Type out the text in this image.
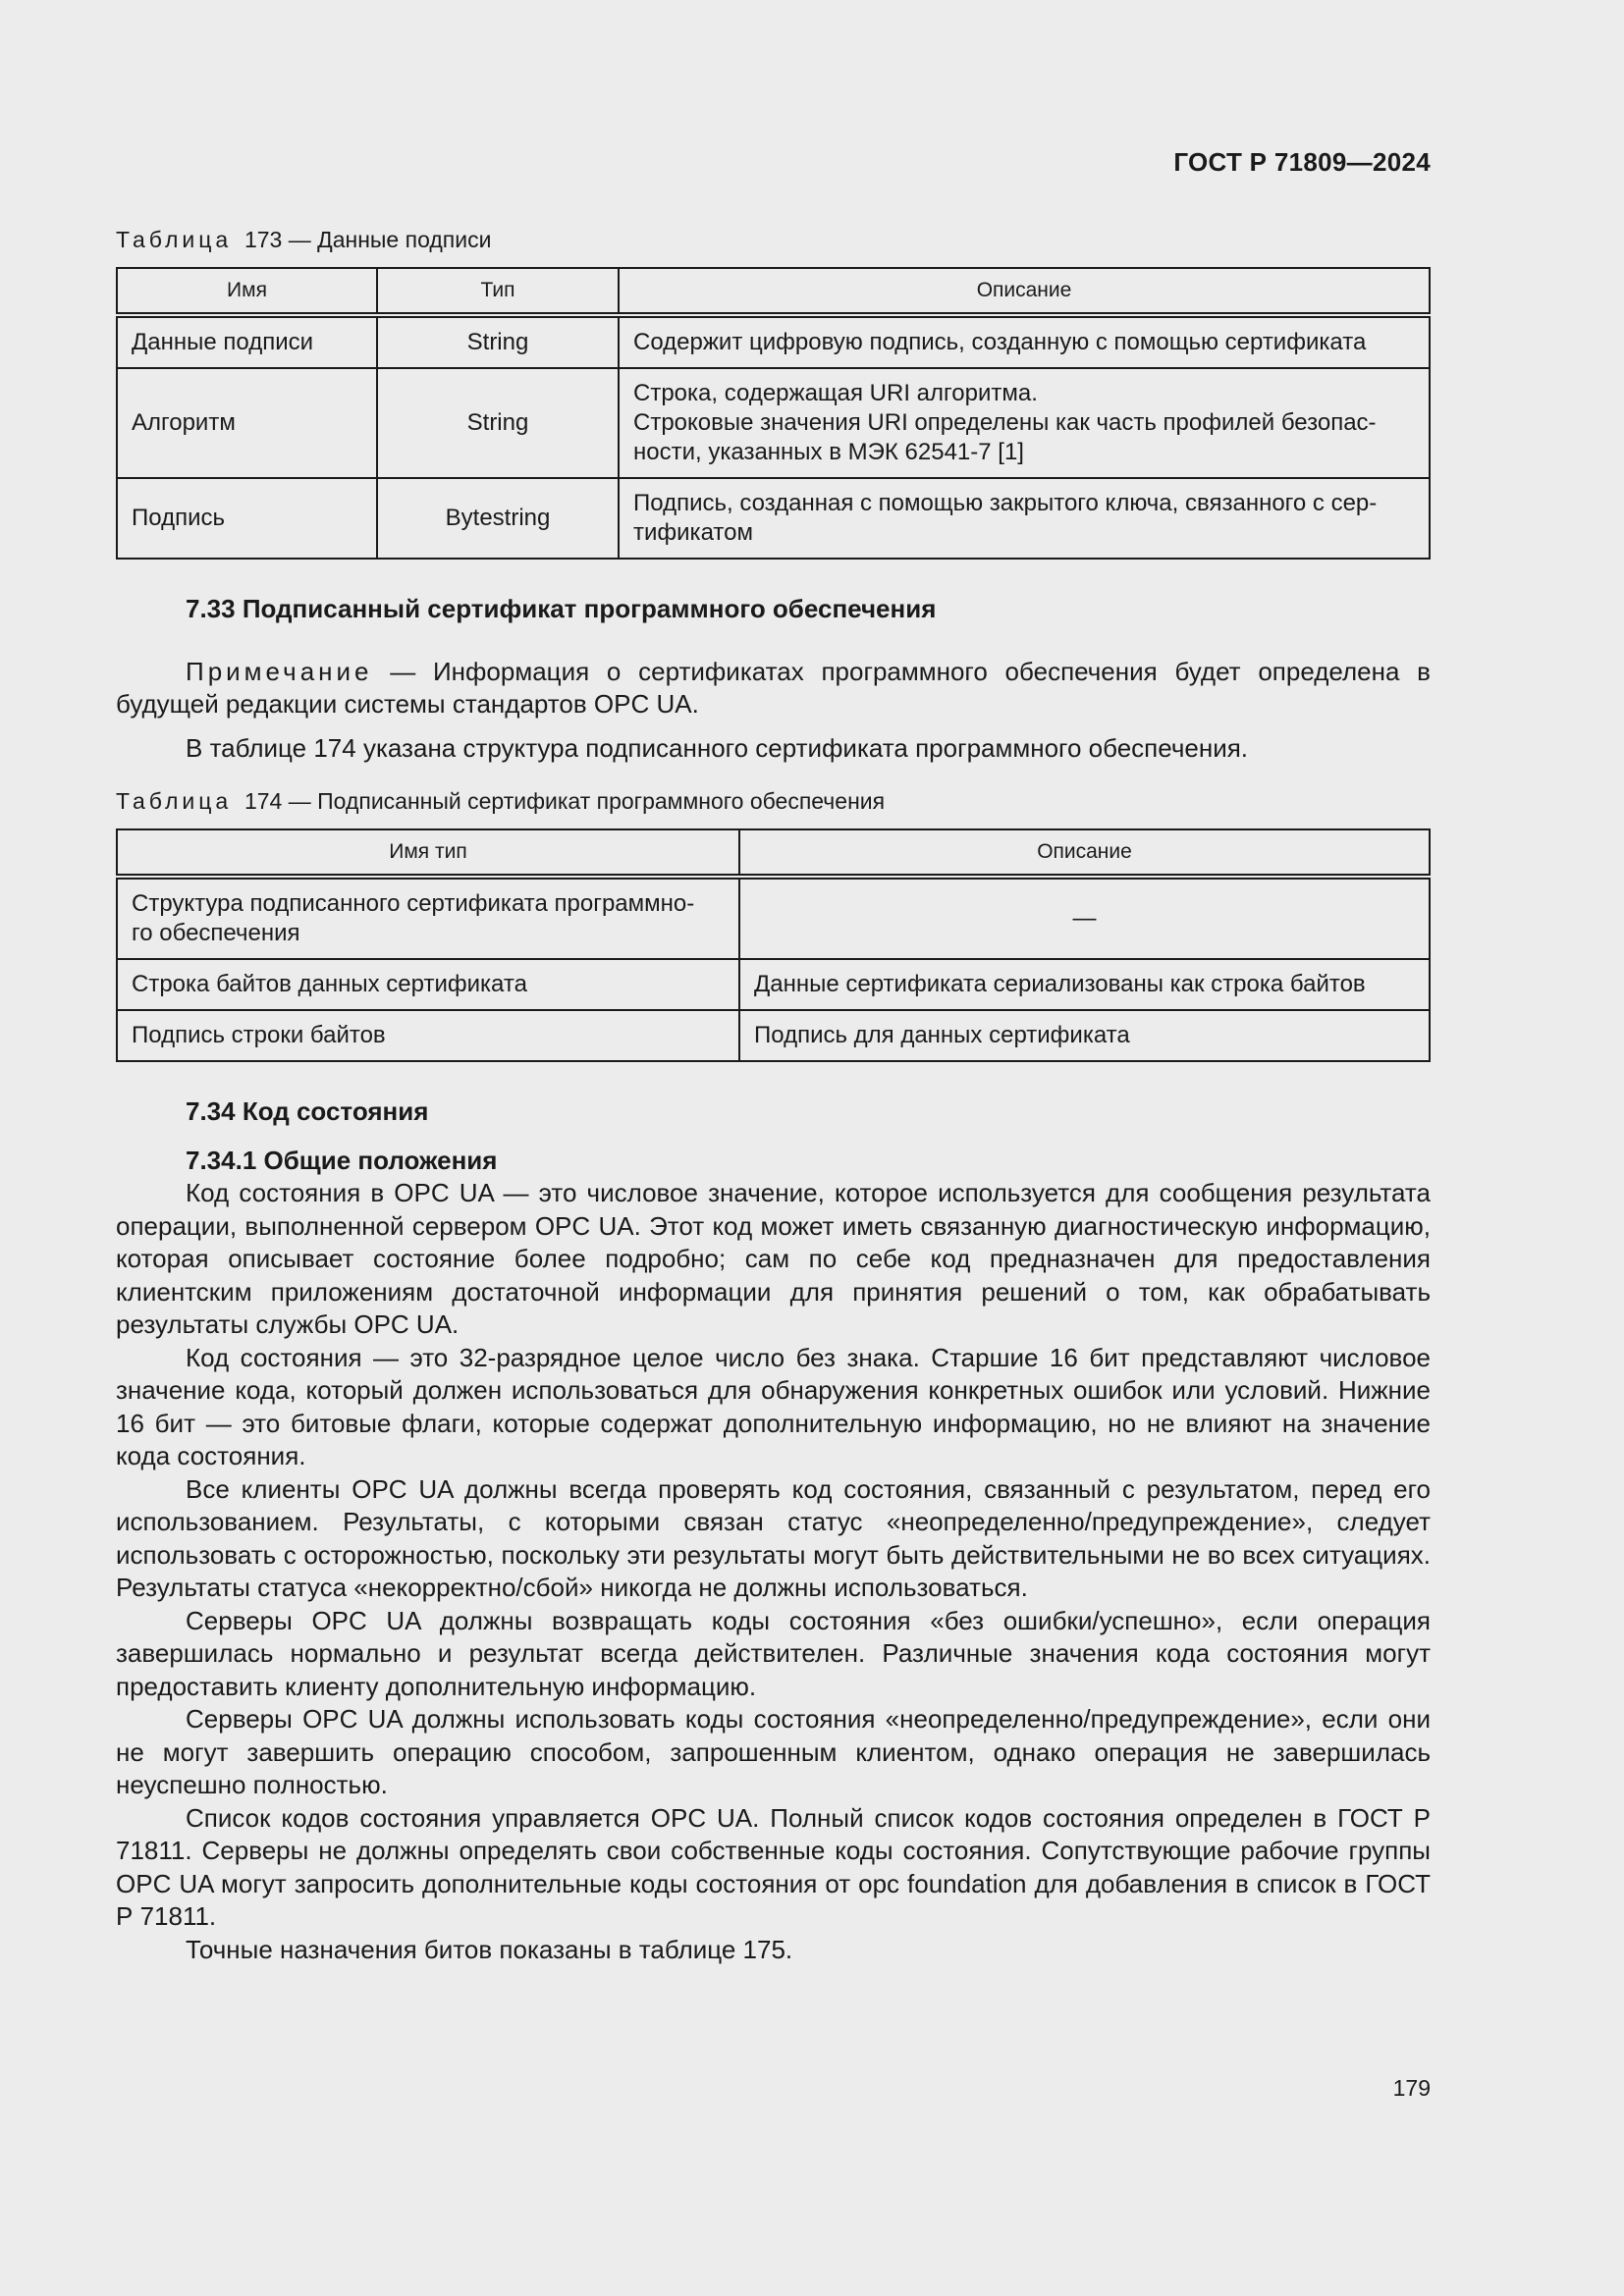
ГОСТ Р 71809—2024
Таблица 173 — Данные подписи
Имя	Тип	Описание
Данные подписи	String	Содержит цифровую подпись, созданную с помощью сертификата

Алгоритм	String	Строка, содержащая URI алгоритма.
Строковые значения URI определены как часть профилей безопас-
ности, указанных в МЭК 62541-7 [1]

Подпись	Bytestring	Подпись, созданная с помощью закрытого ключа, связанного с сер-
тификатом
7.33 Подписанный сертификат программного обеспечения
Примечание — Информация о сертификатах программного обеспечения будет определена в будущей редакции системы стандартов OPC UA.
В таблице 174 указана структура подписанного сертификата программного обеспечения.
Таблица 174 — Подписанный сертификат программного обеспечения
Имя тип	Описание

Структура подписанного сертификата программно-
го обеспечения	—

Строка байтов данных сертификата	Данные сертификата сериализованы как строка байтов

Подпись строки байтов	Подпись для данных сертификата
7.34 Код состояния
7.34.1 Общие положения

Код состояния в OPC UA — это числовое значение, которое используется для сообщения результата операции, выполненной сервером OPC UA. Этот код может иметь связанную диагностическую информацию, которая описывает состояние более подробно; сам по себе код предназначен для предоставления клиентским приложениям достаточной информации для принятия решений о том, как обрабатывать результаты службы OPC UA.

Код состояния — это 32-разрядное целое число без знака. Старшие 16 бит представляют числовое значение кода, который должен использоваться для обнаружения конкретных ошибок или условий. Нижние 16 бит — это битовые флаги, которые содержат дополнительную информацию, но не влияют на значение кода состояния.

Все клиенты OPC UA должны всегда проверять код состояния, связанный с результатом, перед его использованием. Результаты, с которыми связан статус «неопределенно/предупреждение», следует использовать с осторожностью, поскольку эти результаты могут быть действительными не во всех ситуациях. Результаты статуса «некорректно/сбой» никогда не должны использоваться.

Серверы OPC UA должны возвращать коды состояния «без ошибки/успешно», если операция завершилась нормально и результат всегда действителен. Различные значения кода состояния могут предоставить клиенту дополнительную информацию.

Серверы OPC UA должны использовать коды состояния «неопределенно/предупреждение», если они не могут завершить операцию способом, запрошенным клиентом, однако операция не завершилась неуспешно полностью.

Список кодов состояния управляется OPC UA. Полный список кодов состояния определен в ГОСТ Р 71811. Серверы не должны определять свои собственные коды состояния. Сопутствующие рабочие группы OPC UA могут запросить дополнительные коды состояния от opc foundation для добавления в список в ГОСТ Р 71811.

Точные назначения битов показаны в таблице 175.

179
